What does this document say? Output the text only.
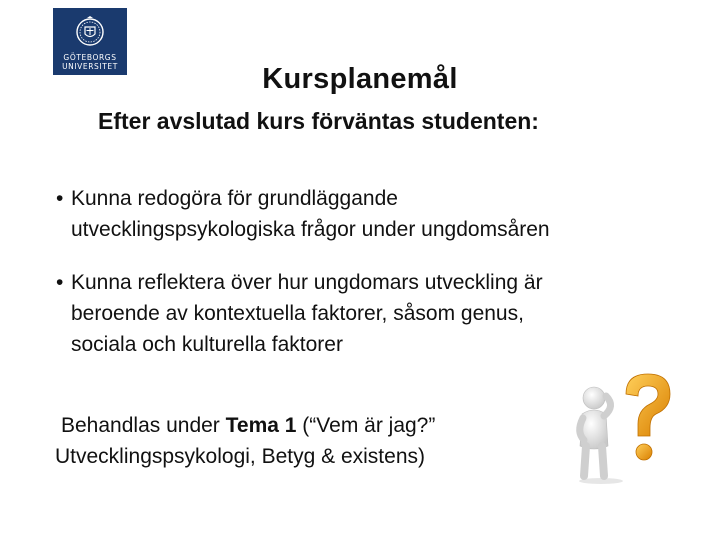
GÖTEBORGS
UNIVERSITET	Kursplanemål
Efter avslutad kurs förväntas studenten:
• Kunna redogöra för grundläggande
utvecklingspsykologiska frågor under ungdomsåren
• Kunna reflektera över hur ungdomars utveckling är
beroende av kontextuella faktorer, såsom genus,
sociala och kulturella faktorer
Behandlas under Tema 1 (“Vem är jag?”
Utvecklingspsykologi, Betyg & existens)
